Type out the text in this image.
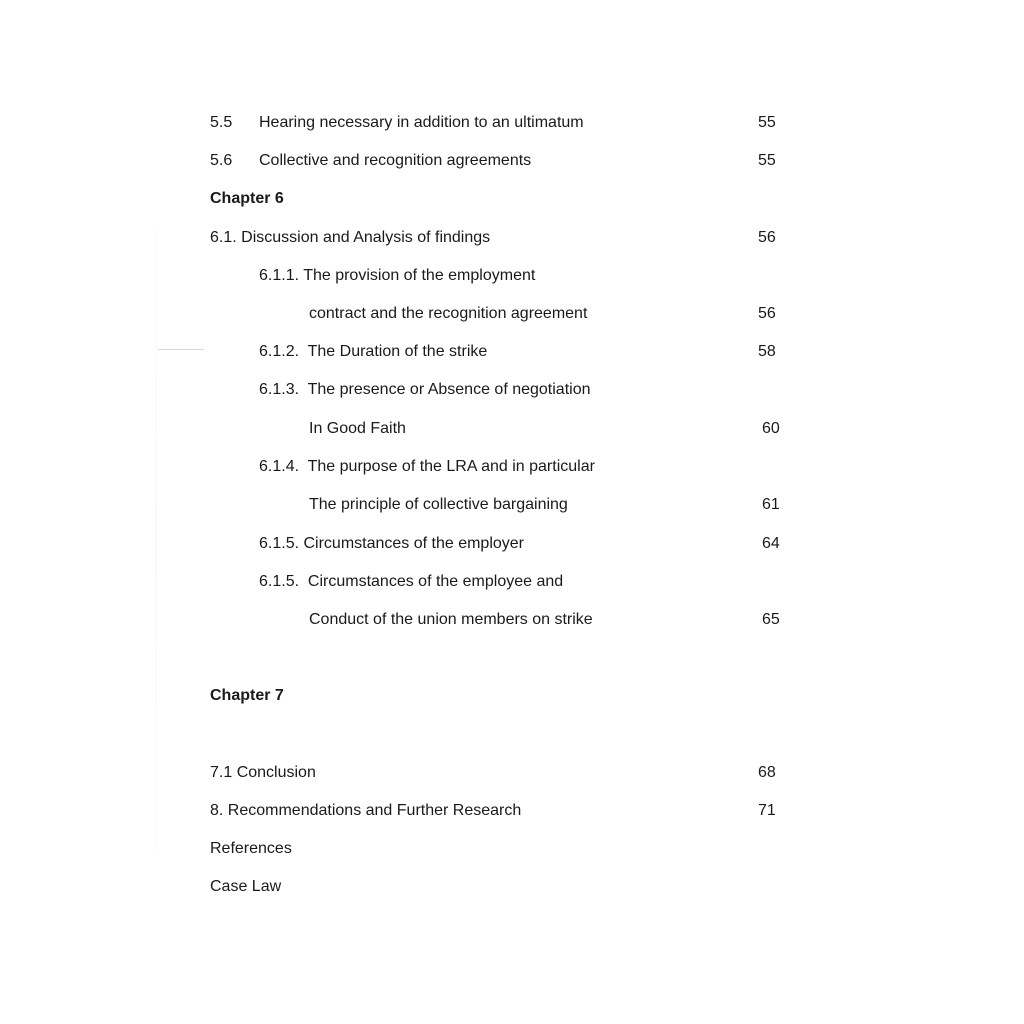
5.5 Hearing necessary in addition to an ultimatum	55
5.6 Collective and recognition agreements	55
Chapter 6
6.1. Discussion and Analysis of findings	56
6.1.1. The provision of the employment
contract and the recognition agreement	56
6.1.2.  The Duration of the strike	58
6.1.3.  The presence or Absence of negotiation
In Good Faith	60
6.1.4.  The purpose of the LRA and in particular
The principle of collective bargaining	61
6.1.5. Circumstances of the employer	64
6.1.5.  Circumstances of the employee and
Conduct of the union members on strike	65
Chapter 7
7.1 Conclusion	68
8. Recommendations and Further Research	71
References
Case Law
